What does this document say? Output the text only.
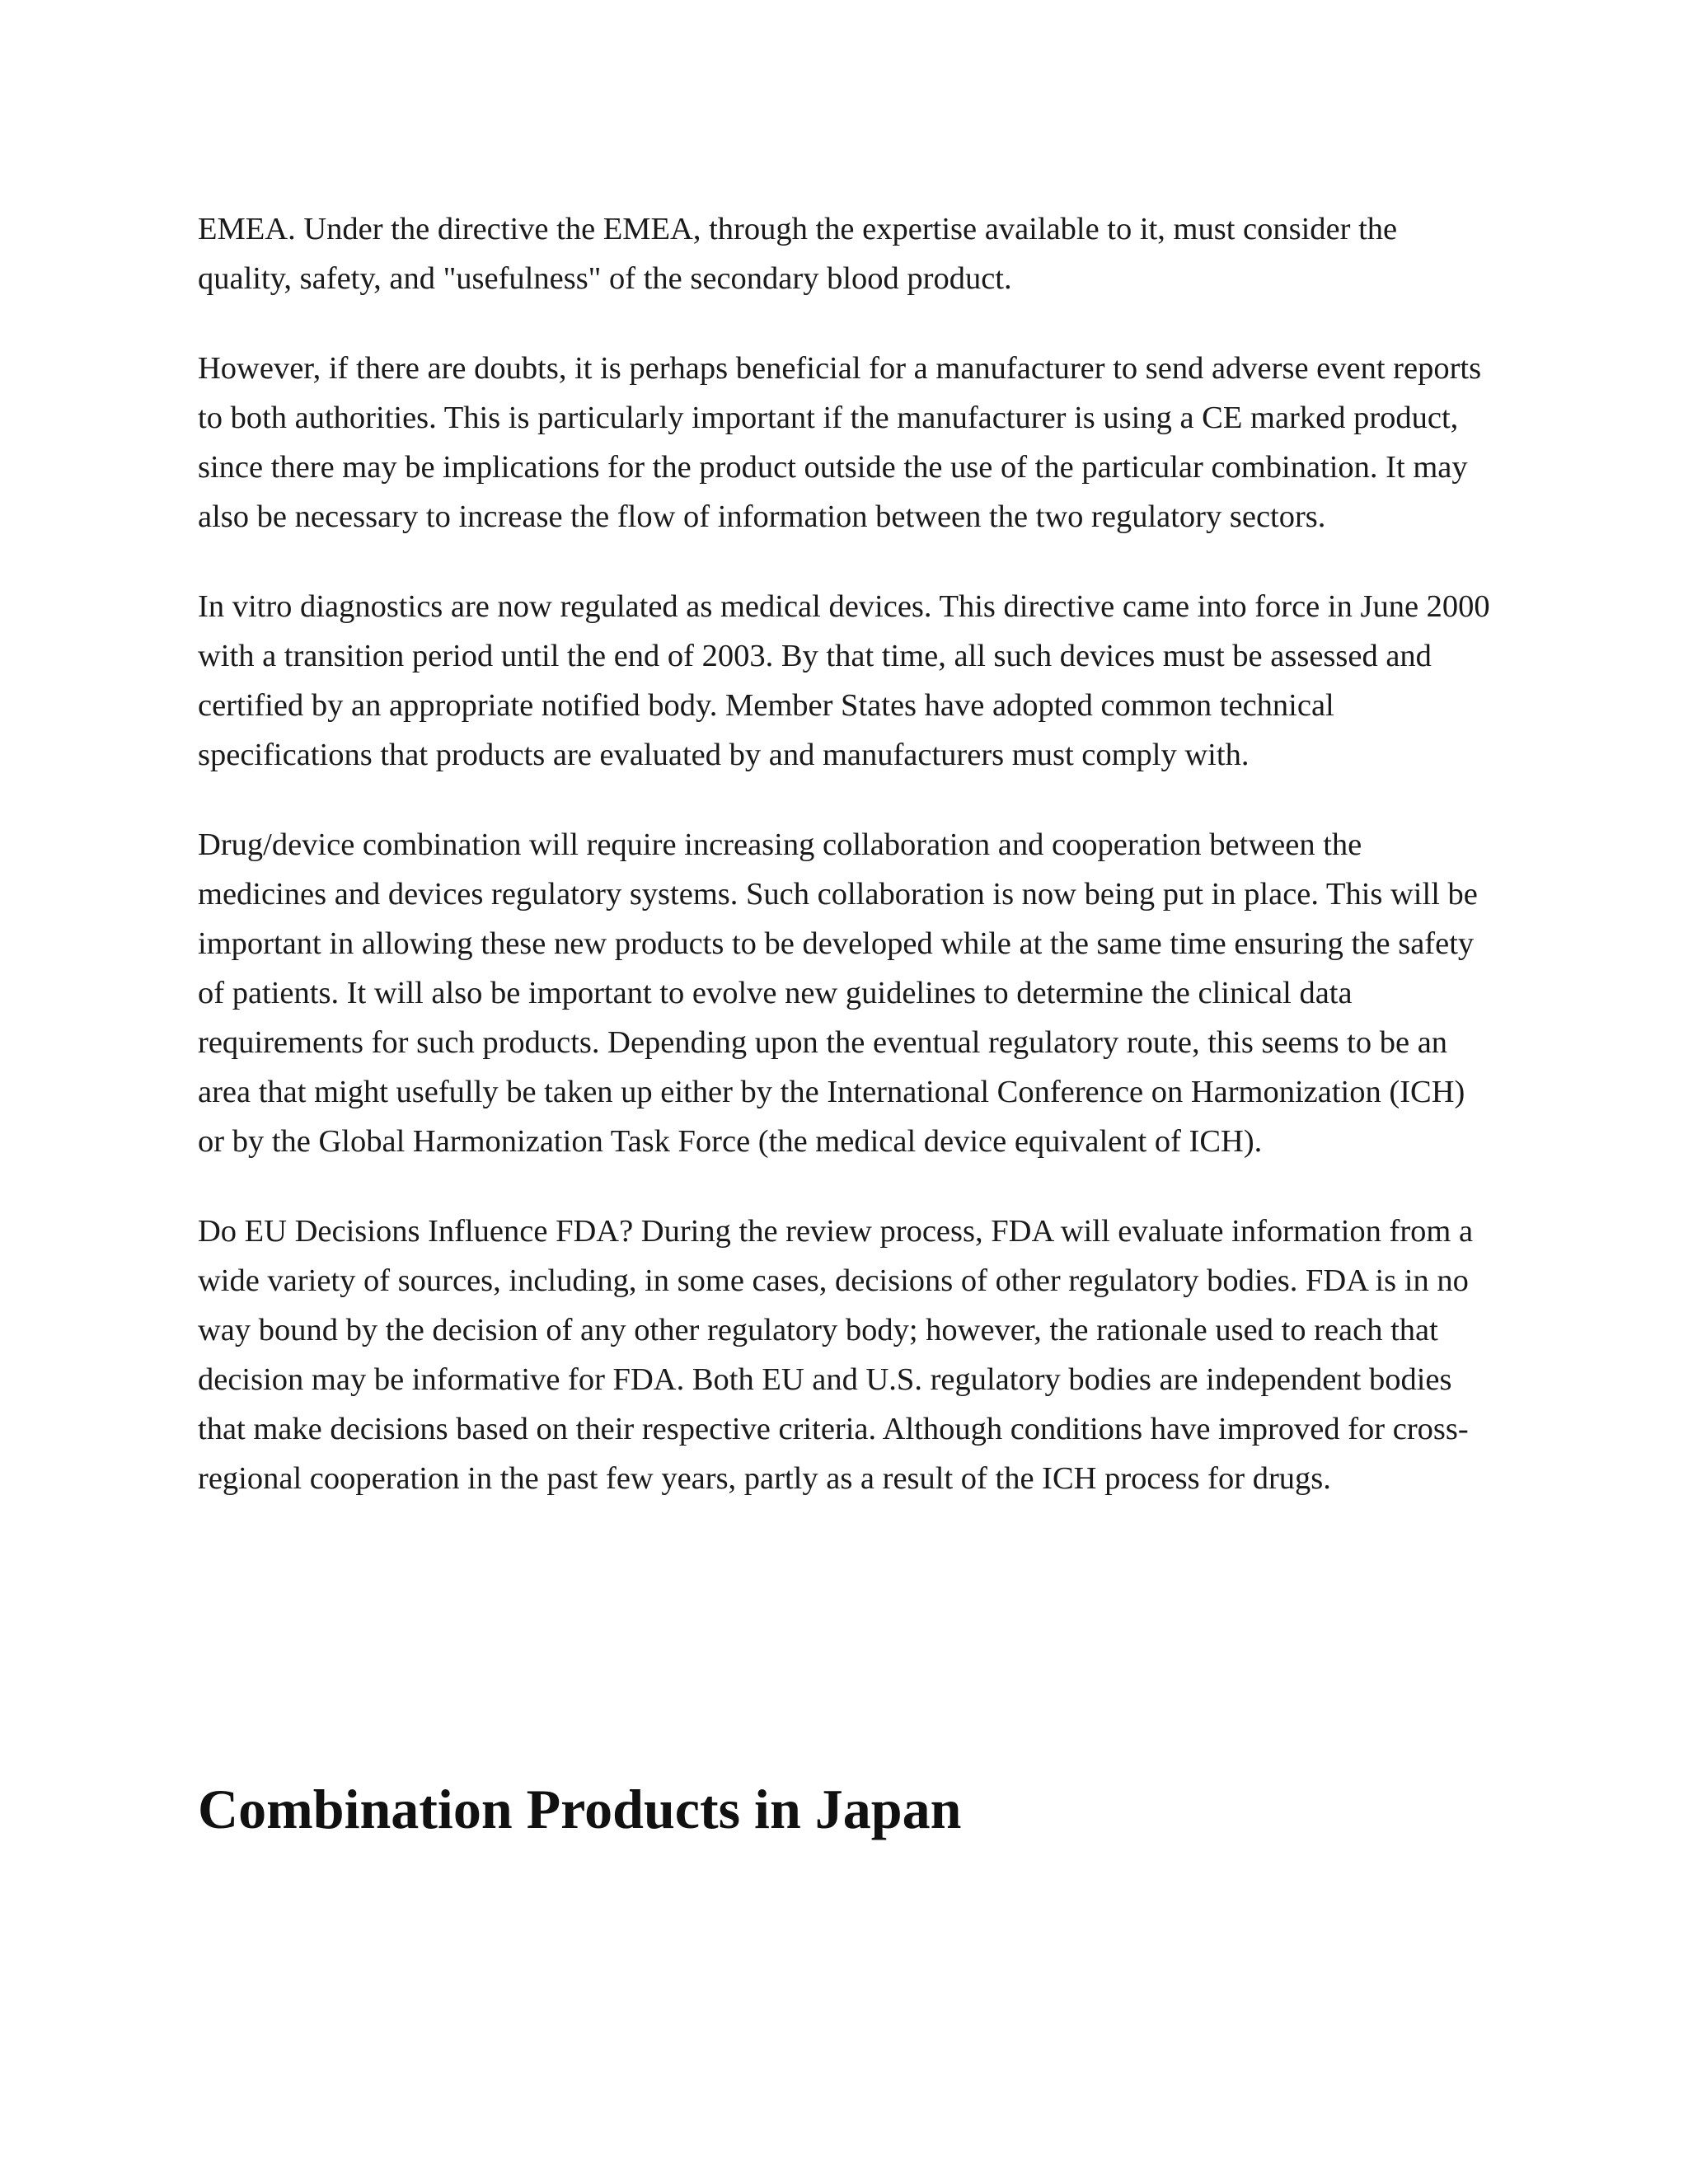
EMEA. Under the directive the EMEA, through the expertise available to it, must consider the quality, safety, and "usefulness" of the secondary blood product.

However, if there are doubts, it is perhaps beneficial for a manufacturer to send adverse event reports to both authorities. This is particularly important if the manufacturer is using a CE marked product, since there may be implications for the product outside the use of the particular combination. It may also be necessary to increase the flow of information between the two regulatory sectors.

In vitro diagnostics are now regulated as medical devices. This directive came into force in June 2000 with a transition period until the end of 2003. By that time, all such devices must be assessed and certified by an appropriate notified body. Member States have adopted common technical specifications that products are evaluated by and manufacturers must comply with.

Drug/device combination will require increasing collaboration and cooperation between the medicines and devices regulatory systems. Such collaboration is now being put in place. This will be important in allowing these new products to be developed while at the same time ensuring the safety of patients. It will also be important to evolve new guidelines to determine the clinical data requirements for such products. Depending upon the eventual regulatory route, this seems to be an area that might usefully be taken up either by the International Conference on Harmonization (ICH) or by the Global Harmonization Task Force (the medical device equivalent of ICH).

Do EU Decisions Influence FDA? During the review process, FDA will evaluate information from a wide variety of sources, including, in some cases, decisions of other regulatory bodies. FDA is in no way bound by the decision of any other regulatory body; however, the rationale used to reach that decision may be informative for FDA. Both EU and U.S. regulatory bodies are independent bodies that make decisions based on their respective criteria. Although conditions have improved for cross-regional cooperation in the past few years, partly as a result of the ICH process for drugs.

Combination Products in Japan
